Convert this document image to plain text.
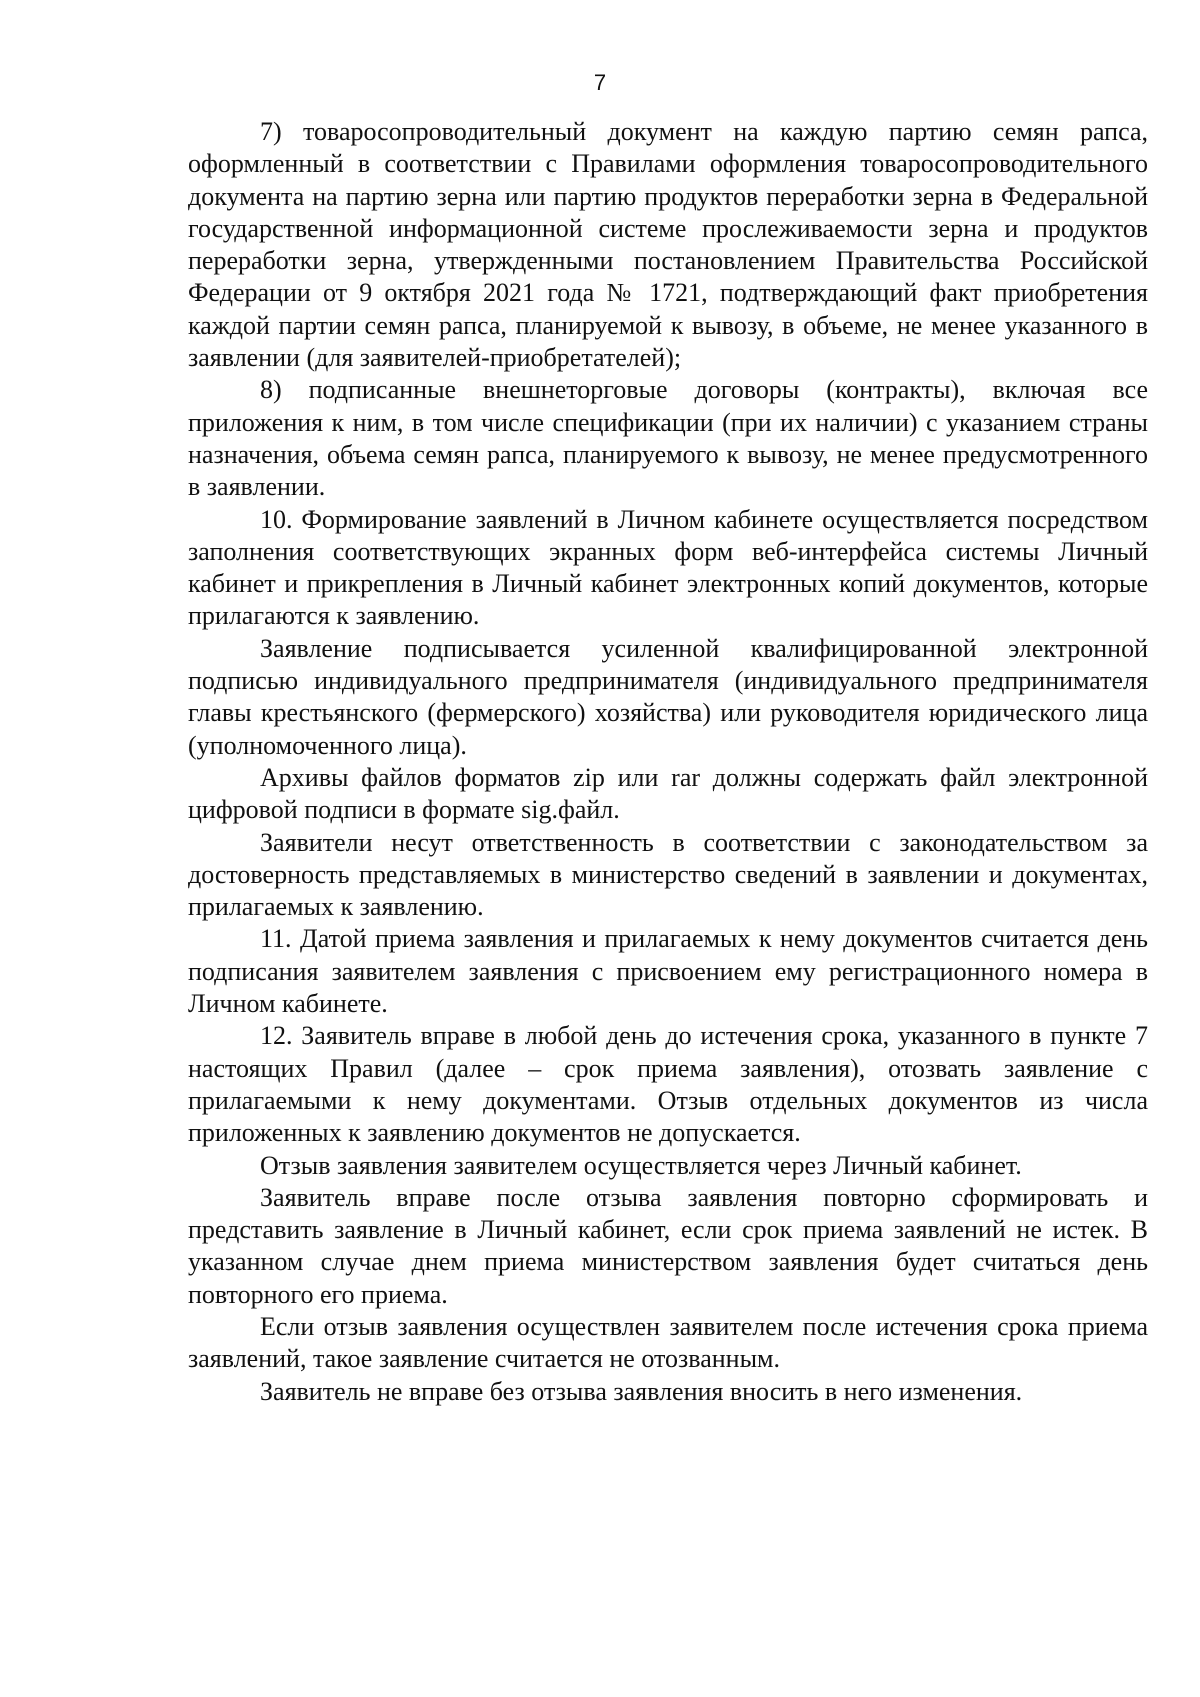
7

7) товаросопроводительный документ на каждую партию семян рапса, оформленный в соответствии с Правилами оформления товаросопроводительного документа на партию зерна или партию продуктов переработки зерна в Федеральной государственной информационной системе прослеживаемости зерна и продуктов переработки зерна, утвержденными постановлением Правительства Российской Федерации от 9 октября 2021 года № 1721, подтверждающий факт приобретения каждой партии семян рапса, планируемой к вывозу, в объеме, не менее указанного в заявлении (для заявителей-приобретателей);

8) подписанные внешнеторговые договоры (контракты), включая все приложения к ним, в том числе спецификации (при их наличии) с указанием страны назначения, объема семян рапса, планируемого к вывозу, не менее предусмотренного в заявлении.

10. Формирование заявлений в Личном кабинете осуществляется посредством заполнения соответствующих экранных форм веб-интерфейса системы Личный кабинет и прикрепления в Личный кабинет электронных копий документов, которые прилагаются к заявлению.

Заявление подписывается усиленной квалифицированной электронной подписью индивидуального предпринимателя (индивидуального предпринимателя главы крестьянского (фермерского) хозяйства) или руководителя юридического лица (уполномоченного лица).

Архивы файлов форматов zip или rar должны содержать файл электронной цифровой подписи в формате sig.файл.

Заявители несут ответственность в соответствии с законодательством за достоверность представляемых в министерство сведений в заявлении и документах, прилагаемых к заявлению.

11. Датой приема заявления и прилагаемых к нему документов считается день подписания заявителем заявления с присвоением ему регистрационного номера в Личном кабинете.

12. Заявитель вправе в любой день до истечения срока, указанного в пункте 7 настоящих Правил (далее – срок приема заявления), отозвать заявление с прилагаемыми к нему документами. Отзыв отдельных документов из числа приложенных к заявлению документов не допускается.

Отзыв заявления заявителем осуществляется через Личный кабинет.

Заявитель вправе после отзыва заявления повторно сформировать и представить заявление в Личный кабинет, если срок приема заявлений не истек. В указанном случае днем приема министерством заявления будет считаться день повторного его приема.

Если отзыв заявления осуществлен заявителем после истечения срока приема заявлений, такое заявление считается не отозванным.

Заявитель не вправе без отзыва заявления вносить в него изменения.
